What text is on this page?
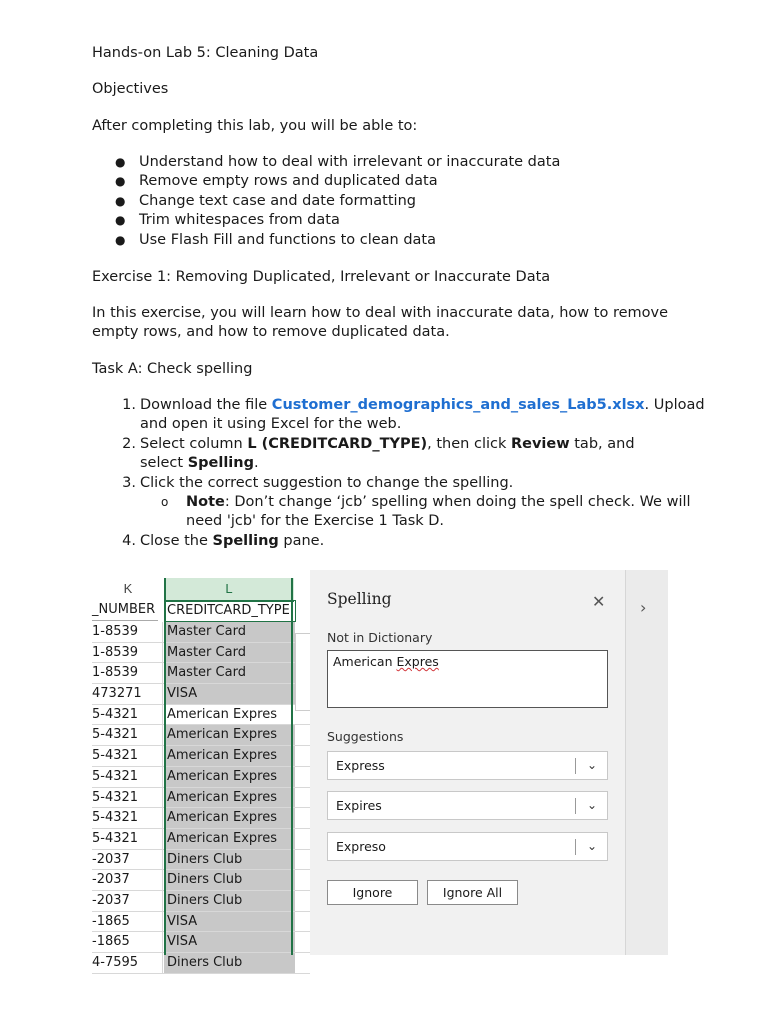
Hands-on Lab 5: Cleaning Data
Objectives
After completing this lab, you will be able to:
● Understand how to deal with irrelevant or inaccurate data
● Remove empty rows and duplicated data
● Change text case and date formatting
● Trim whitespaces from data
● Use Flash Fill and functions to clean data
Exercise 1: Removing Duplicated, Irrelevant or Inaccurate Data
In this exercise, you will learn how to deal with inaccurate data, how to remove
empty rows, and how to remove duplicated data.
Task A: Check spelling
1. Download the file Customer_demographics_and_sales_Lab5.xlsx. Upload
and open it using Excel for the web.
2. Select column L (CREDITCARD_TYPE), then click Review tab, and
select Spelling.
3. Click the correct suggestion to change the spelling.
o Note: Don’t change ‘jcb’ spelling when doing the spell check. We will
need 'jcb' for the Exercise 1 Task D.
4. Close the Spelling pane.
K	L
_NUMBER CREDITCARD_TYPE
1-8539	Master Card
1-8539	Master Card
1-8539	Master Card
473271	VISA
5-4321	American Expres
5-4321	American Expres
5-4321	American Expres
5-4321	American Expres
5-4321	American Expres
5-4321	American Expres
5-4321	American Expres
-2037	Diners Club
-2037	Diners Club
-2037	Diners Club
-1865	VISA
-1865	VISA
4-7595	Diners Club
Spelling	✕
Not in Dictionary
American Expres
Suggestions
Express	⌄
Expires	⌄
Expreso	⌄
Ignore	Ignore All
›
